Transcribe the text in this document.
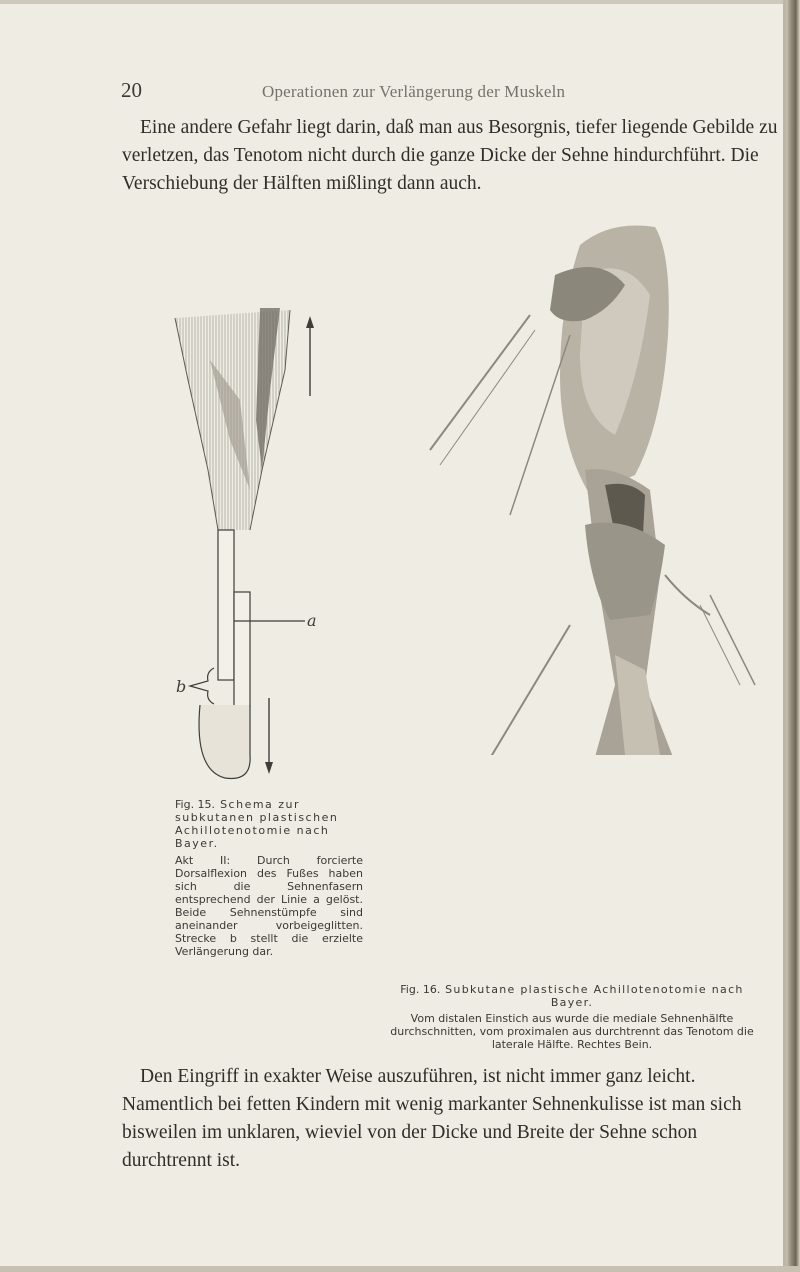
20	Operationen zur Verlängerung der Muskeln

Eine andere Gefahr liegt darin, daß man aus Besorgnis, tiefer liegende Gebilde zu verletzen, das Tenotom nicht durch die ganze Dicke der Sehne hindurchführt. Die Verschiebung der Hälften mißlingt dann auch.

a
b

Fig. 15. Schema zur subkutanen plastischen Achillotenotomie nach Bayer.

Akt II: Durch forcierte Dorsalflexion des Fußes haben sich die Sehnenfasern entsprechend der Linie a gelöst. Beide Sehnenstümpfe sind aneinander vorbeigeglitten. Strecke b stellt die erzielte Verlängerung dar.

Fig. 16. Subkutane plastische Achillotenotomie nach Bayer.

Vom distalen Einstich aus wurde die mediale Sehnenhälfte durchschnitten, vom proximalen aus durchtrennt das Tenotom die laterale Hälfte. Rechtes Bein.

Den Eingriff in exakter Weise auszuführen, ist nicht immer ganz leicht. Namentlich bei fetten Kindern mit wenig markanter Sehnenkulisse ist man sich bisweilen im unklaren, wieviel von der Dicke und Breite der Sehne schon durchtrennt ist.
